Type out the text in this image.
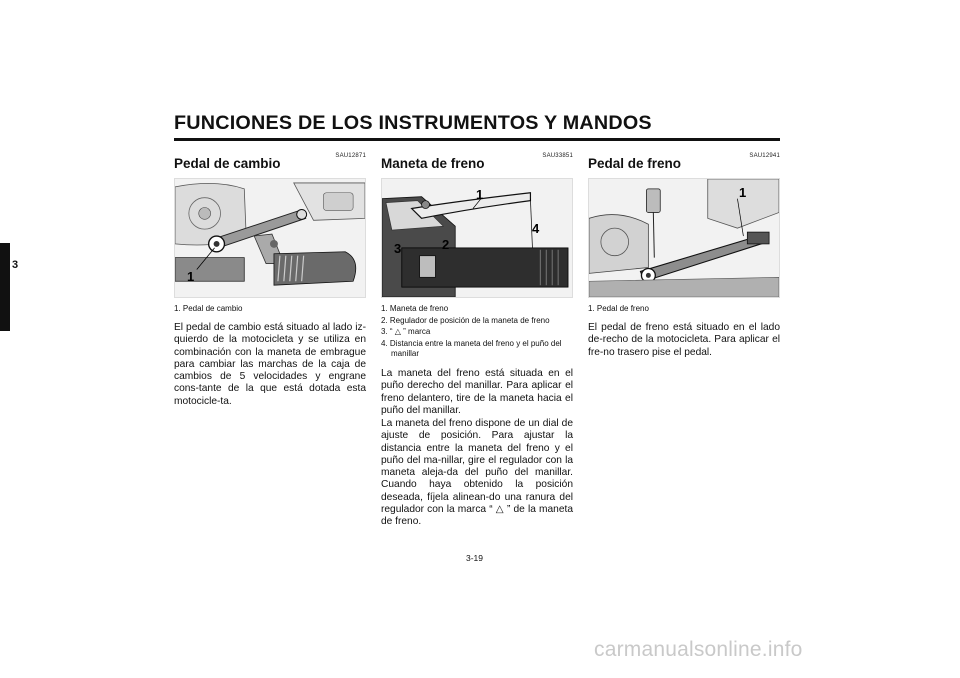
FUNCIONES DE LOS INSTRUMENTOS Y MANDOS
3
SAU12871
Pedal de cambio
1
1. Pedal de cambio
El pedal de cambio está situado al lado iz-quierdo de la motocicleta y se utiliza en combinación con la maneta de embrague para cambiar las marchas de la caja de cambios de 5 velocidades y engrane cons-tante de la que está dotada esta motocicle-ta.
SAU33851
Maneta de freno
1
2
3
4
1. Maneta de freno
2. Regulador de posición de la maneta de freno
3. “ △ ” marca
4. Distancia entre la maneta del freno y el puño del manillar
La maneta del freno está situada en el puño derecho del manillar. Para aplicar el freno delantero, tire de la maneta hacia el puño del manillar.
La maneta del freno dispone de un dial de ajuste de posición. Para ajustar la distancia entre la maneta del freno y el puño del ma-nillar, gire el regulador con la maneta aleja-da del puño del manillar. Cuando haya obtenido la posición deseada, fíjela alinean-do una ranura del regulador con la marca “ △ ” de la maneta de freno.
SAU12941
Pedal de freno
1
1. Pedal de freno
El pedal de freno está situado en el lado de-recho de la motocicleta. Para aplicar el fre-no trasero pise el pedal.
3-19
carmanualsonline.info
